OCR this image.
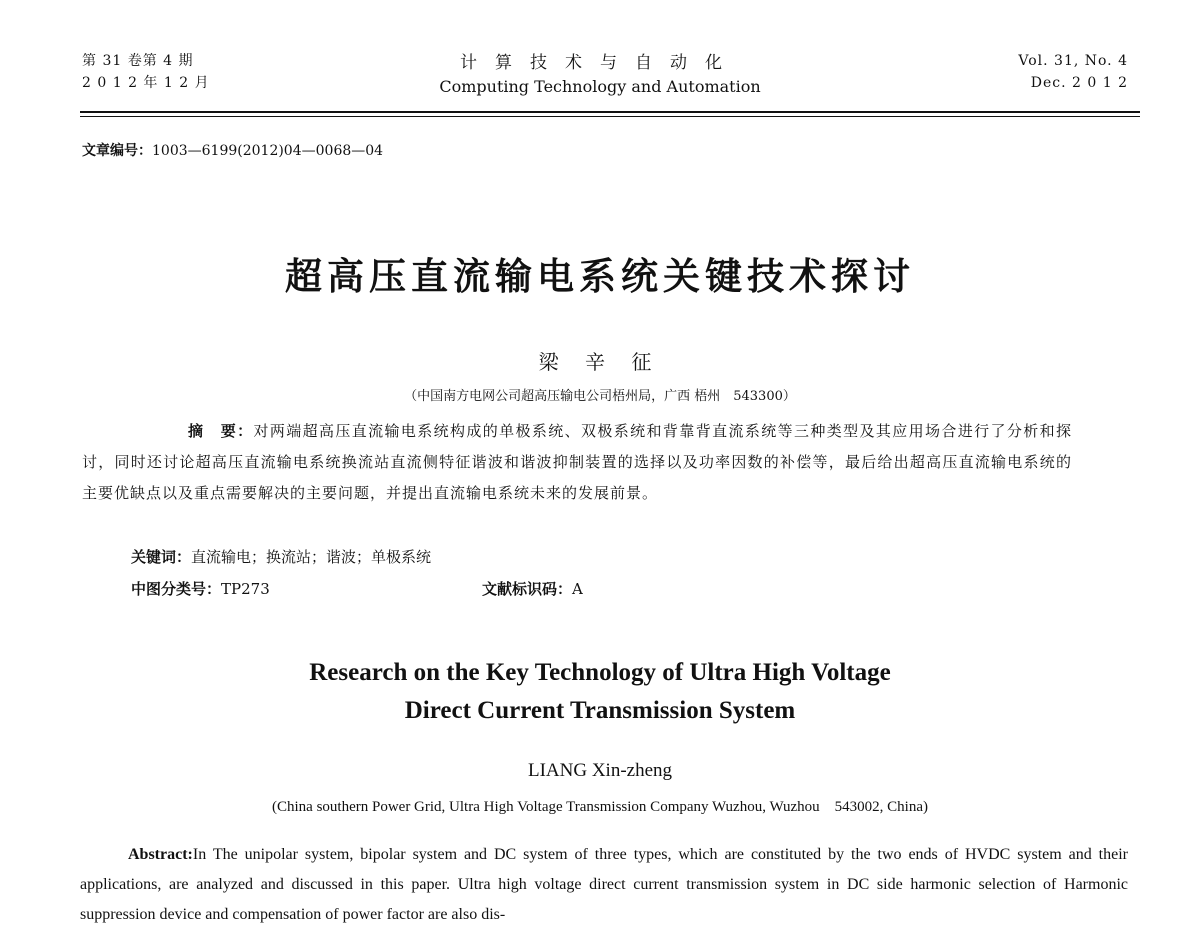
第 31 卷第 4 期
2 0 1 2 年 1 2 月
计算技术与自动化
Computing Technology and Automation
Vol. 31, No. 4
Dec. 2 0 1 2
文章编号：1003—6199(2012)04—0068—04
超高压直流输电系统关键技术探讨
梁 辛 征
（中国南方电网公司超高压输电公司梧州局，广西 梧州　543300）
摘　要：对两端超高压直流输电系统构成的单极系统、双极系统和背靠背直流系统等三种类型及其应用场合进行了分析和探讨，同时还讨论超高压直流输电系统换流站直流侧特征谐波和谐波抑制装置的选择以及功率因数的补偿等，最后给出超高压直流输电系统的主要优缺点以及重点需要解决的主要问题，并提出直流输电系统未来的发展前景。
关键词：直流输电；换流站；谐波；单极系统
中图分类号：TP273	文献标识码：A
Research on the Key Technology of Ultra High Voltage
Direct Current Transmission System
LIANG Xin-zheng
(China southern Power Grid, Ultra High Voltage Transmission Company Wuzhou, Wuzhou　543002, China)
Abstract:In The unipolar system, bipolar system and DC system of three types, which are constituted by the two ends of HVDC system and their applications, are analyzed and discussed in this paper. Ultra high voltage direct current transmission system in DC side harmonic selection of Harmonic suppression device and compensation of power factor are also dis-
